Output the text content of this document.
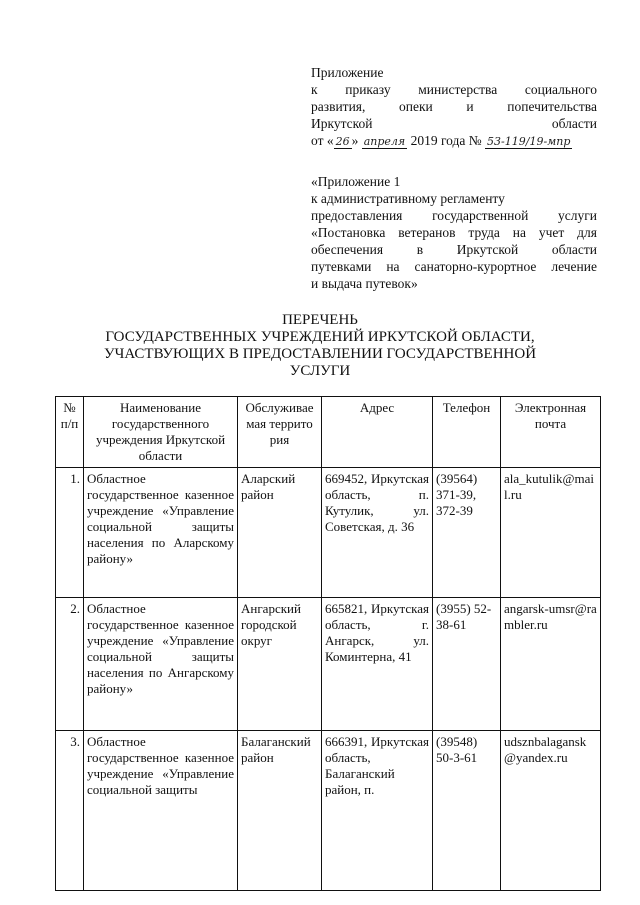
Приложение
к приказу министерства социального
развития, опеки и попечительства
Иркутской области
от « 26 » апреля 2019 года № 53-119/19-мпр
«Приложение 1
к административному регламенту
предоставления государственной услуги
«Постановка ветеранов труда на учет для
обеспечения в Иркутской области
путевками на санаторно-курортное лечение
и выдача путевок»
ПЕРЕЧЕНЬ
ГОСУДАРСТВЕННЫХ УЧРЕЖДЕНИЙ ИРКУТСКОЙ ОБЛАСТИ,
УЧАСТВУЮЩИХ В ПРЕДОСТАВЛЕНИИ ГОСУДАРСТВЕННОЙ
УСЛУГИ
№ п/п	Наименование государственного учреждения Иркутской области	Обслуживае мая террито рия	Адрес	Телефон	Электронная почта
1.	Областное государственное казенное учреждение «Управление социальной защиты населения по Аларскому району»	Аларский район	669452, Иркутская область, п. Кутулик, ул. Советская, д. 36	(39564) 371-39, 372-39	ala_kutulik@mail.ru
2.	Областное государственное казенное учреждение «Управление социальной защиты населения по Ангарскому району»	Ангарский городской округ	665821, Иркутская область, г. Ангарск, ул. Коминтерна, 41	(3955) 52-38-61	angarsk-umsr@rambler.ru
3.	Областное государственное казенное учреждение «Управление социальной защиты	Балаганский район	666391, Иркутская область, Балаганский район, п.	(39548) 50-3-61	udsznbalagansk@yandex.ru
